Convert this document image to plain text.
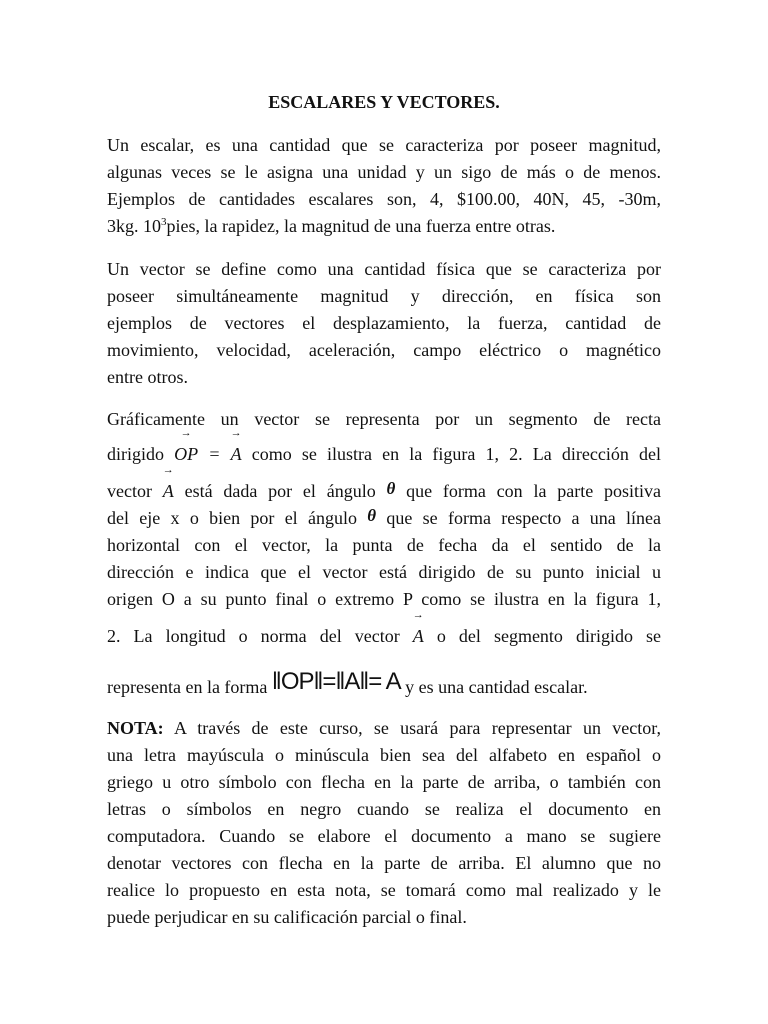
ESCALARES Y VECTORES.
Un escalar, es una cantidad que se caracteriza por poseer magnitud,
algunas veces se le asigna una unidad y un sigo de más o de menos.
Ejemplos de cantidades escalares son, 4, $100.00, 40N, 45, -30m,
3kg. $10^3pies$, la rapidez, la magnitud de una fuerza entre otras.
Un vector se define como una cantidad física que se caracteriza por
poseer simultáneamente magnitud y dirección, en física son
ejemplos de vectores el desplazamiento, la fuerza, cantidad de
movimiento, velocidad, aceleración, campo eléctrico o magnético
entre otros.
Gráficamente un vector se representa por un segmento de recta
dirigido
→
OP =
→
A como se ilustra en la figura 1, 2. La dirección del
vector
→
A está dada por el ángulo θ que forma con la parte positiva
del eje x o bien por el ángulo θ que se forma respecto a una línea
horizontal con el vector, la punta de fecha da el sentido de la
dirección e indica que el vector está dirigido de su punto inicial u
origen O a su punto final o extremo P como se ilustra en la figura 1,
2. La longitud o norma del vector
→
A o del segmento dirigido se
representa en la forma ‖OP‖=‖A‖= A y es una cantidad escalar.
NOTA: A través de este curso, se usará para representar un vector,
una letra mayúscula o minúscula bien sea del alfabeto en español o
griego u otro símbolo con flecha en la parte de arriba, o también con
letras o símbolos en negro cuando se realiza el documento en
computadora. Cuando se elabore el documento a mano se sugiere
denotar vectores con flecha en la parte de arriba. El alumno que no
realice lo propuesto en esta nota, se tomará como mal realizado y le
puede perjudicar en su calificación parcial o final.
